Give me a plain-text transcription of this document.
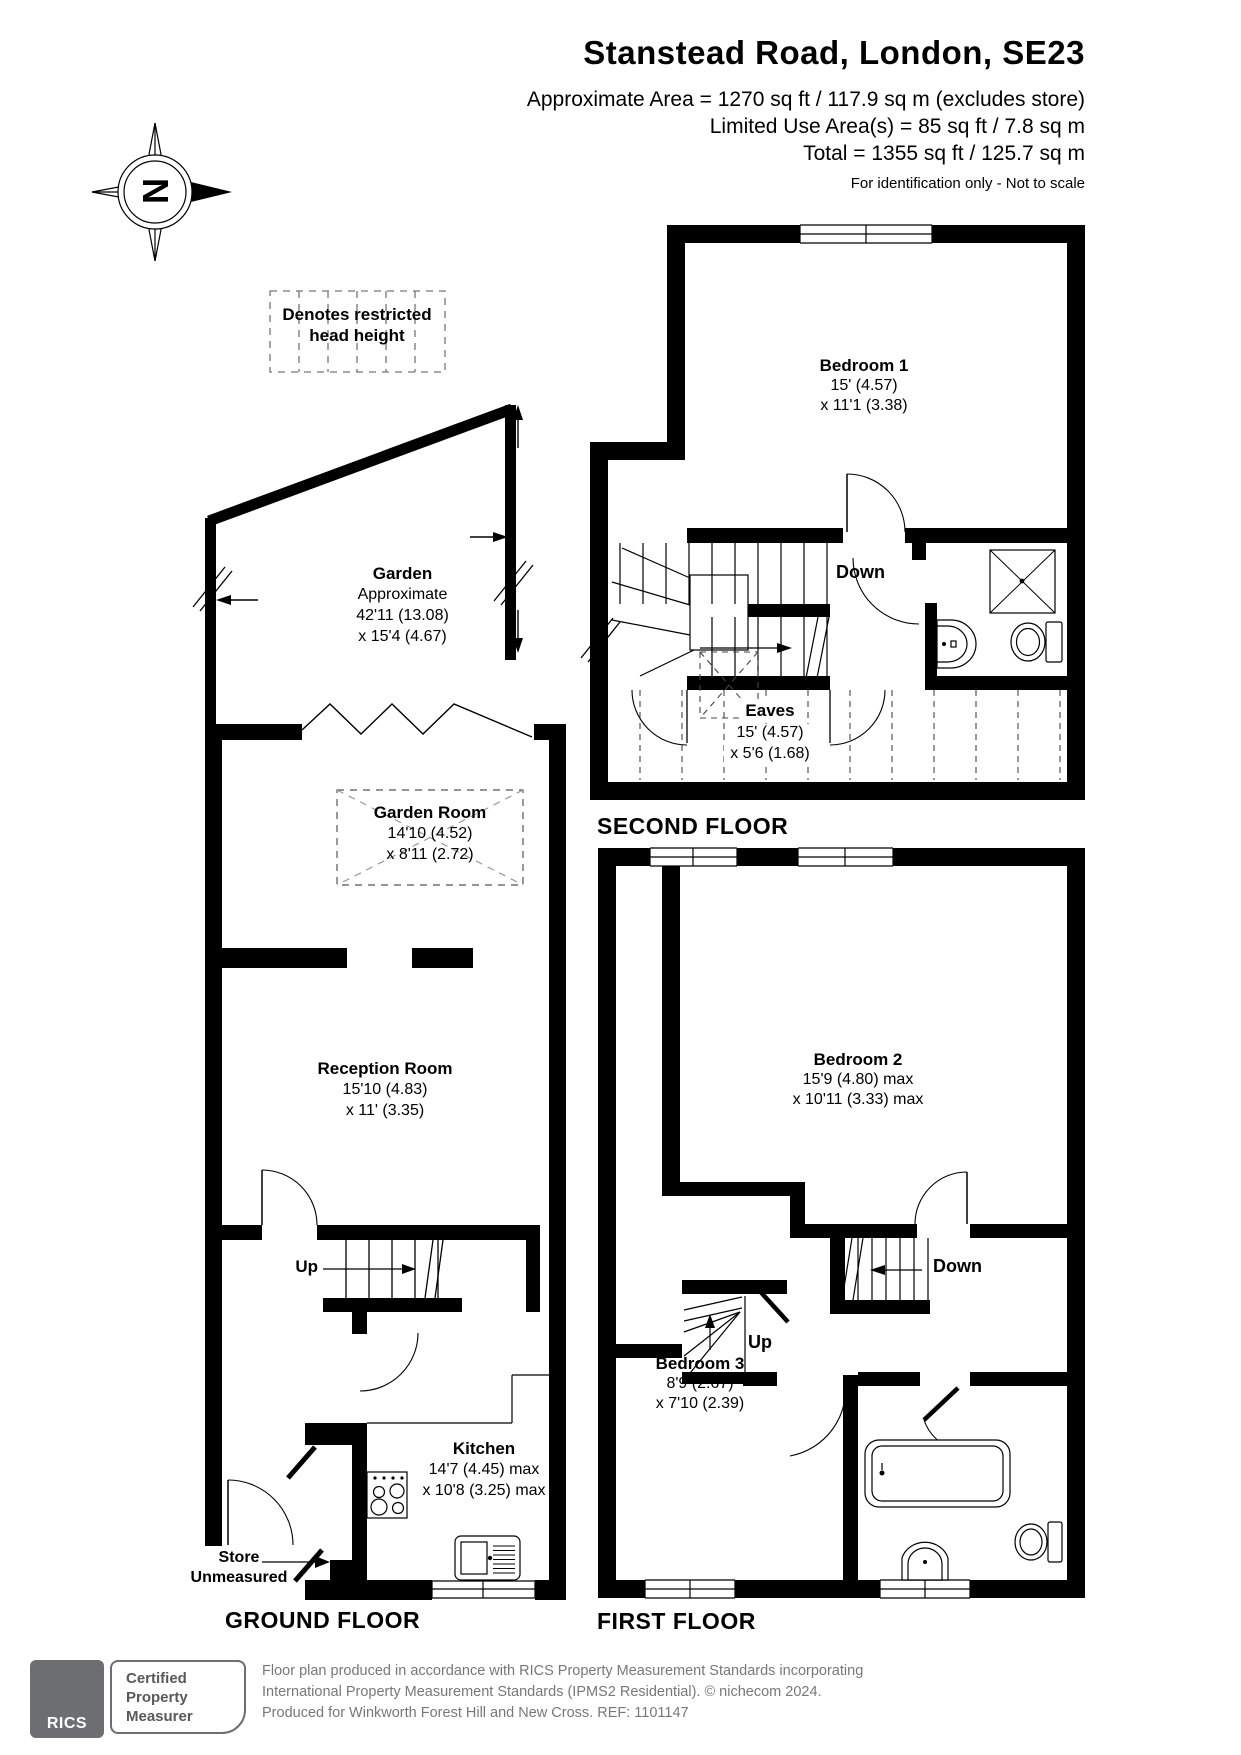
Stanstead Road, London, SE23
Approximate Area = 1270 sq ft / 117.9 sq m (excludes store)
Limited Use Area(s) = 85 sq ft / 7.8 sq m
Total = 1355 sq ft / 125.7 sq m
For identification only - Not to scale
N
Denotes restricted
head height
Garden
Approximate
42'11 (13.08)
x 15'4 (4.67)
Garden Room
14'10 (4.52)
x 8'11 (2.72)
Reception Room
15'10 (4.83)
x 11' (3.35)
Kitchen
14'7 (4.45) max
x 10'8 (3.25) max
Up
Store
Unmeasured
GROUND FLOOR
Bedroom 1
15' (4.57)
x 11'1 (3.38)
Down
Eaves
15' (4.57)
x 5'6 (1.68)
SECOND FLOOR
Bedroom 2
15'9 (4.80) max
x 10'11 (3.33) max
Down
Up
Bedroom 3
8'9 (2.67)
x 7'10 (2.39)
FIRST FLOOR
RICS
Certified
Property
Measurer
Floor plan produced in accordance with RICS Property Measurement Standards incorporating
International Property Measurement Standards (IPMS2 Residential). © nichecom 2024.
Produced for Winkworth Forest Hill and New Cross. REF: 1101147
